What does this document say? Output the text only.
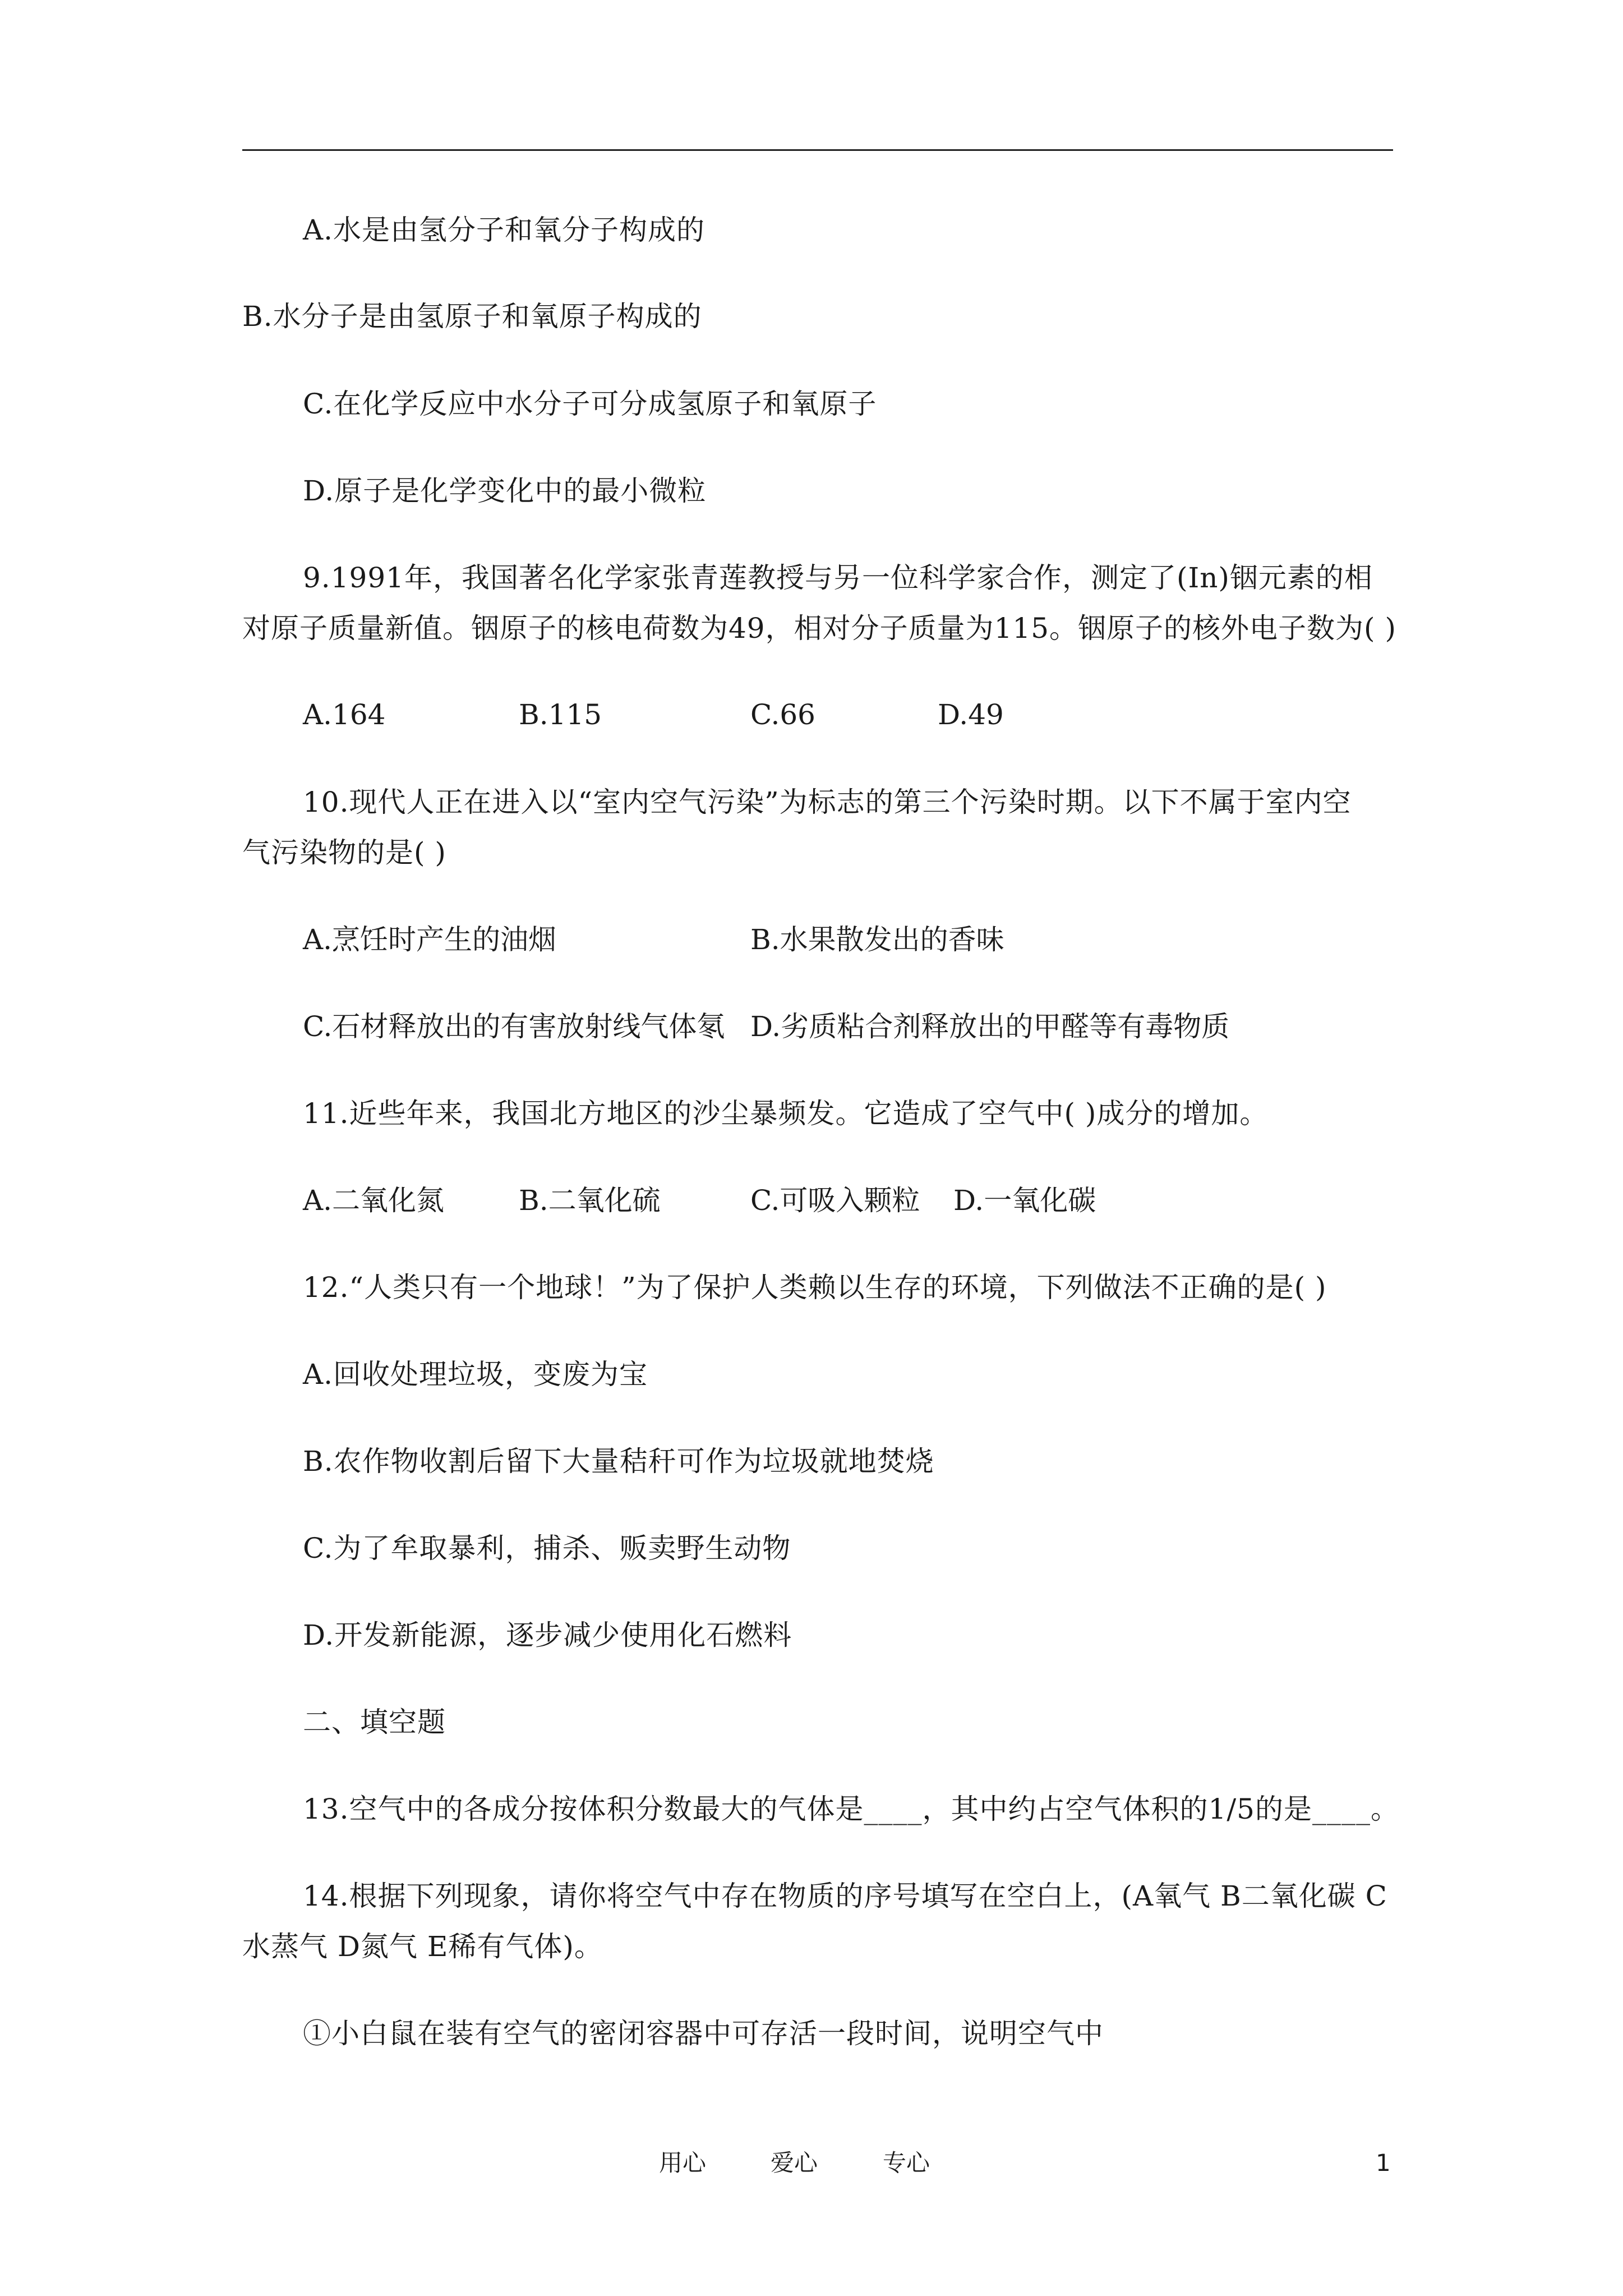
A.水是由氢分子和氧分子构成的
B.水分子是由氢原子和氧原子构成的
C.在化学反应中水分子可分成氢原子和氧原子
D.原子是化学变化中的最小微粒
9.1991年，我国著名化学家张青莲教授与另一位科学家合作，测定了(In)铟元素的相
对原子质量新值。铟原子的核电荷数为49，相对分子质量为115。铟原子的核外电子数为( )
A.164	B.115	C.66	D.49
10.现代人正在进入以“室内空气污染”为标志的第三个污染时期。以下不属于室内空
气污染物的是( )
A.烹饪时产生的油烟	B.水果散发出的香味
C.石材释放出的有害放射线气体氡 D.劣质粘合剂释放出的甲醛等有毒物质
11.近些年来，我国北方地区的沙尘暴频发。它造成了空气中( )成分的增加。
A.二氧化氮	B.二氧化硫	C.可吸入颗粒 D.一氧化碳
12.“人类只有一个地球！”为了保护人类赖以生存的环境，下列做法不正确的是( )
A.回收处理垃圾，变废为宝
B.农作物收割后留下大量秸秆可作为垃圾就地焚烧
C.为了牟取暴利，捕杀、贩卖野生动物
D.开发新能源，逐步减少使用化石燃料
二、填空题
13.空气中的各成分按体积分数最大的气体是____，其中约占空气体积的1/5的是____。
14.根据下列现象，请你将空气中存在物质的序号填写在空白上，(A氧气 B二氧化碳 C
水蒸气 D氮气 E稀有气体)。
①小白鼠在装有空气的密闭容器中可存活一段时间，说明空气中
用心	爱心	专心	1
